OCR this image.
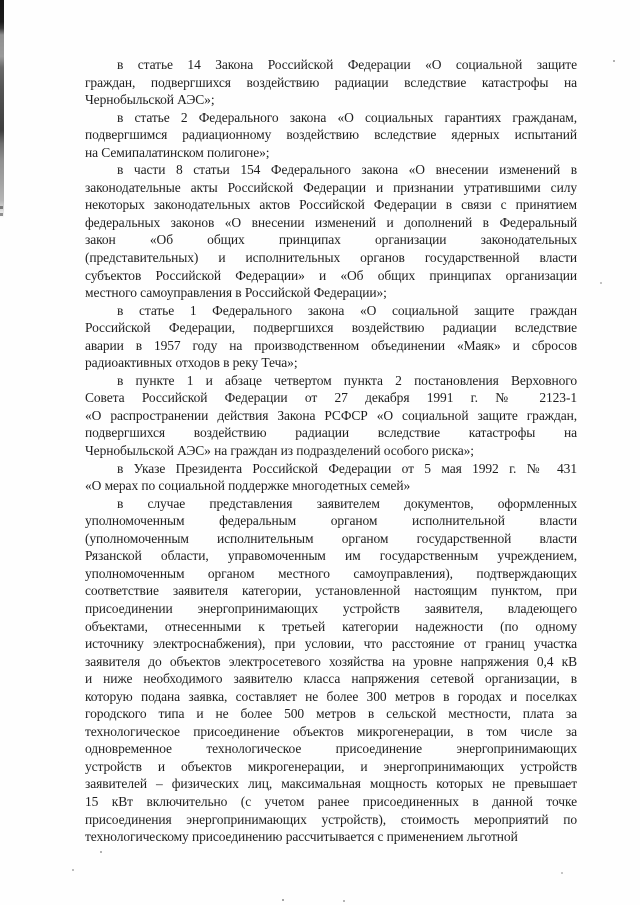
в статье 14 Закона Российской Федерации «О социальной защите
граждан, подвергшихся воздействию радиации вследствие катастрофы на
Чернобыльской АЭС»;
в статье 2 Федерального закона «О социальных гарантиях гражданам,
подвергшимся радиационному воздействию вследствие ядерных испытаний
на Семипалатинском полигоне»;
в части 8 статьи 154 Федерального закона «О внесении изменений в
законодательные акты Российской Федерации и признании утратившими силу
некоторых законодательных актов Российской Федерации в связи с принятием
федеральных законов «О внесении изменений и дополнений в Федеральный
закон «Об общих принципах организации законодательных
(представительных) и исполнительных органов государственной власти
субъектов Российской Федерации» и «Об общих принципах организации
местного самоуправления в Российской Федерации»;
в статье 1 Федерального закона «О социальной защите граждан
Российской Федерации, подвергшихся воздействию радиации вследствие
аварии в 1957 году на производственном объединении «Маяк» и сбросов
радиоактивных отходов в реку Теча»;
в пункте 1 и абзаце четвертом пункта 2 постановления Верховного
Совета Российской Федерации от 27 декабря 1991 г. № 2123-1
«О распространении действия Закона РСФСР «О социальной защите граждан,
подвергшихся воздействию радиации вследствие катастрофы на
Чернобыльской АЭС» на граждан из подразделений особого риска»;
в Указе Президента Российской Федерации от 5 мая 1992 г. № 431
«О мерах по социальной поддержке многодетных семей»
в случае представления заявителем документов, оформленных
уполномоченным федеральным органом исполнительной власти
(уполномоченным исполнительным органом государственной власти
Рязанской области, управомоченным им государственным учреждением,
уполномоченным органом местного самоуправления), подтверждающих
соответствие заявителя категории, установленной настоящим пунктом, при
присоединении энергопринимающих устройств заявителя, владеющего
объектами, отнесенными к третьей категории надежности (по одному
источнику электроснабжения), при условии, что расстояние от границ участка
заявителя до объектов электросетевого хозяйства на уровне напряжения 0,4 кВ
и ниже необходимого заявителю класса напряжения сетевой организации, в
которую подана заявка, составляет не более 300 метров в городах и поселках
городского типа и не более 500 метров в сельской местности, плата за
технологическое присоединение объектов микрогенерации, в том числе за
одновременное технологическое присоединение энергопринимающих
устройств и объектов микрогенерации, и энергопринимающих устройств
заявителей – физических лиц, максимальная мощность которых не превышает
15 кВт включительно (с учетом ранее присоединенных в данной точке
присоединения энергопринимающих устройств), стоимость мероприятий по
технологическому присоединению рассчитывается с применением льготной
